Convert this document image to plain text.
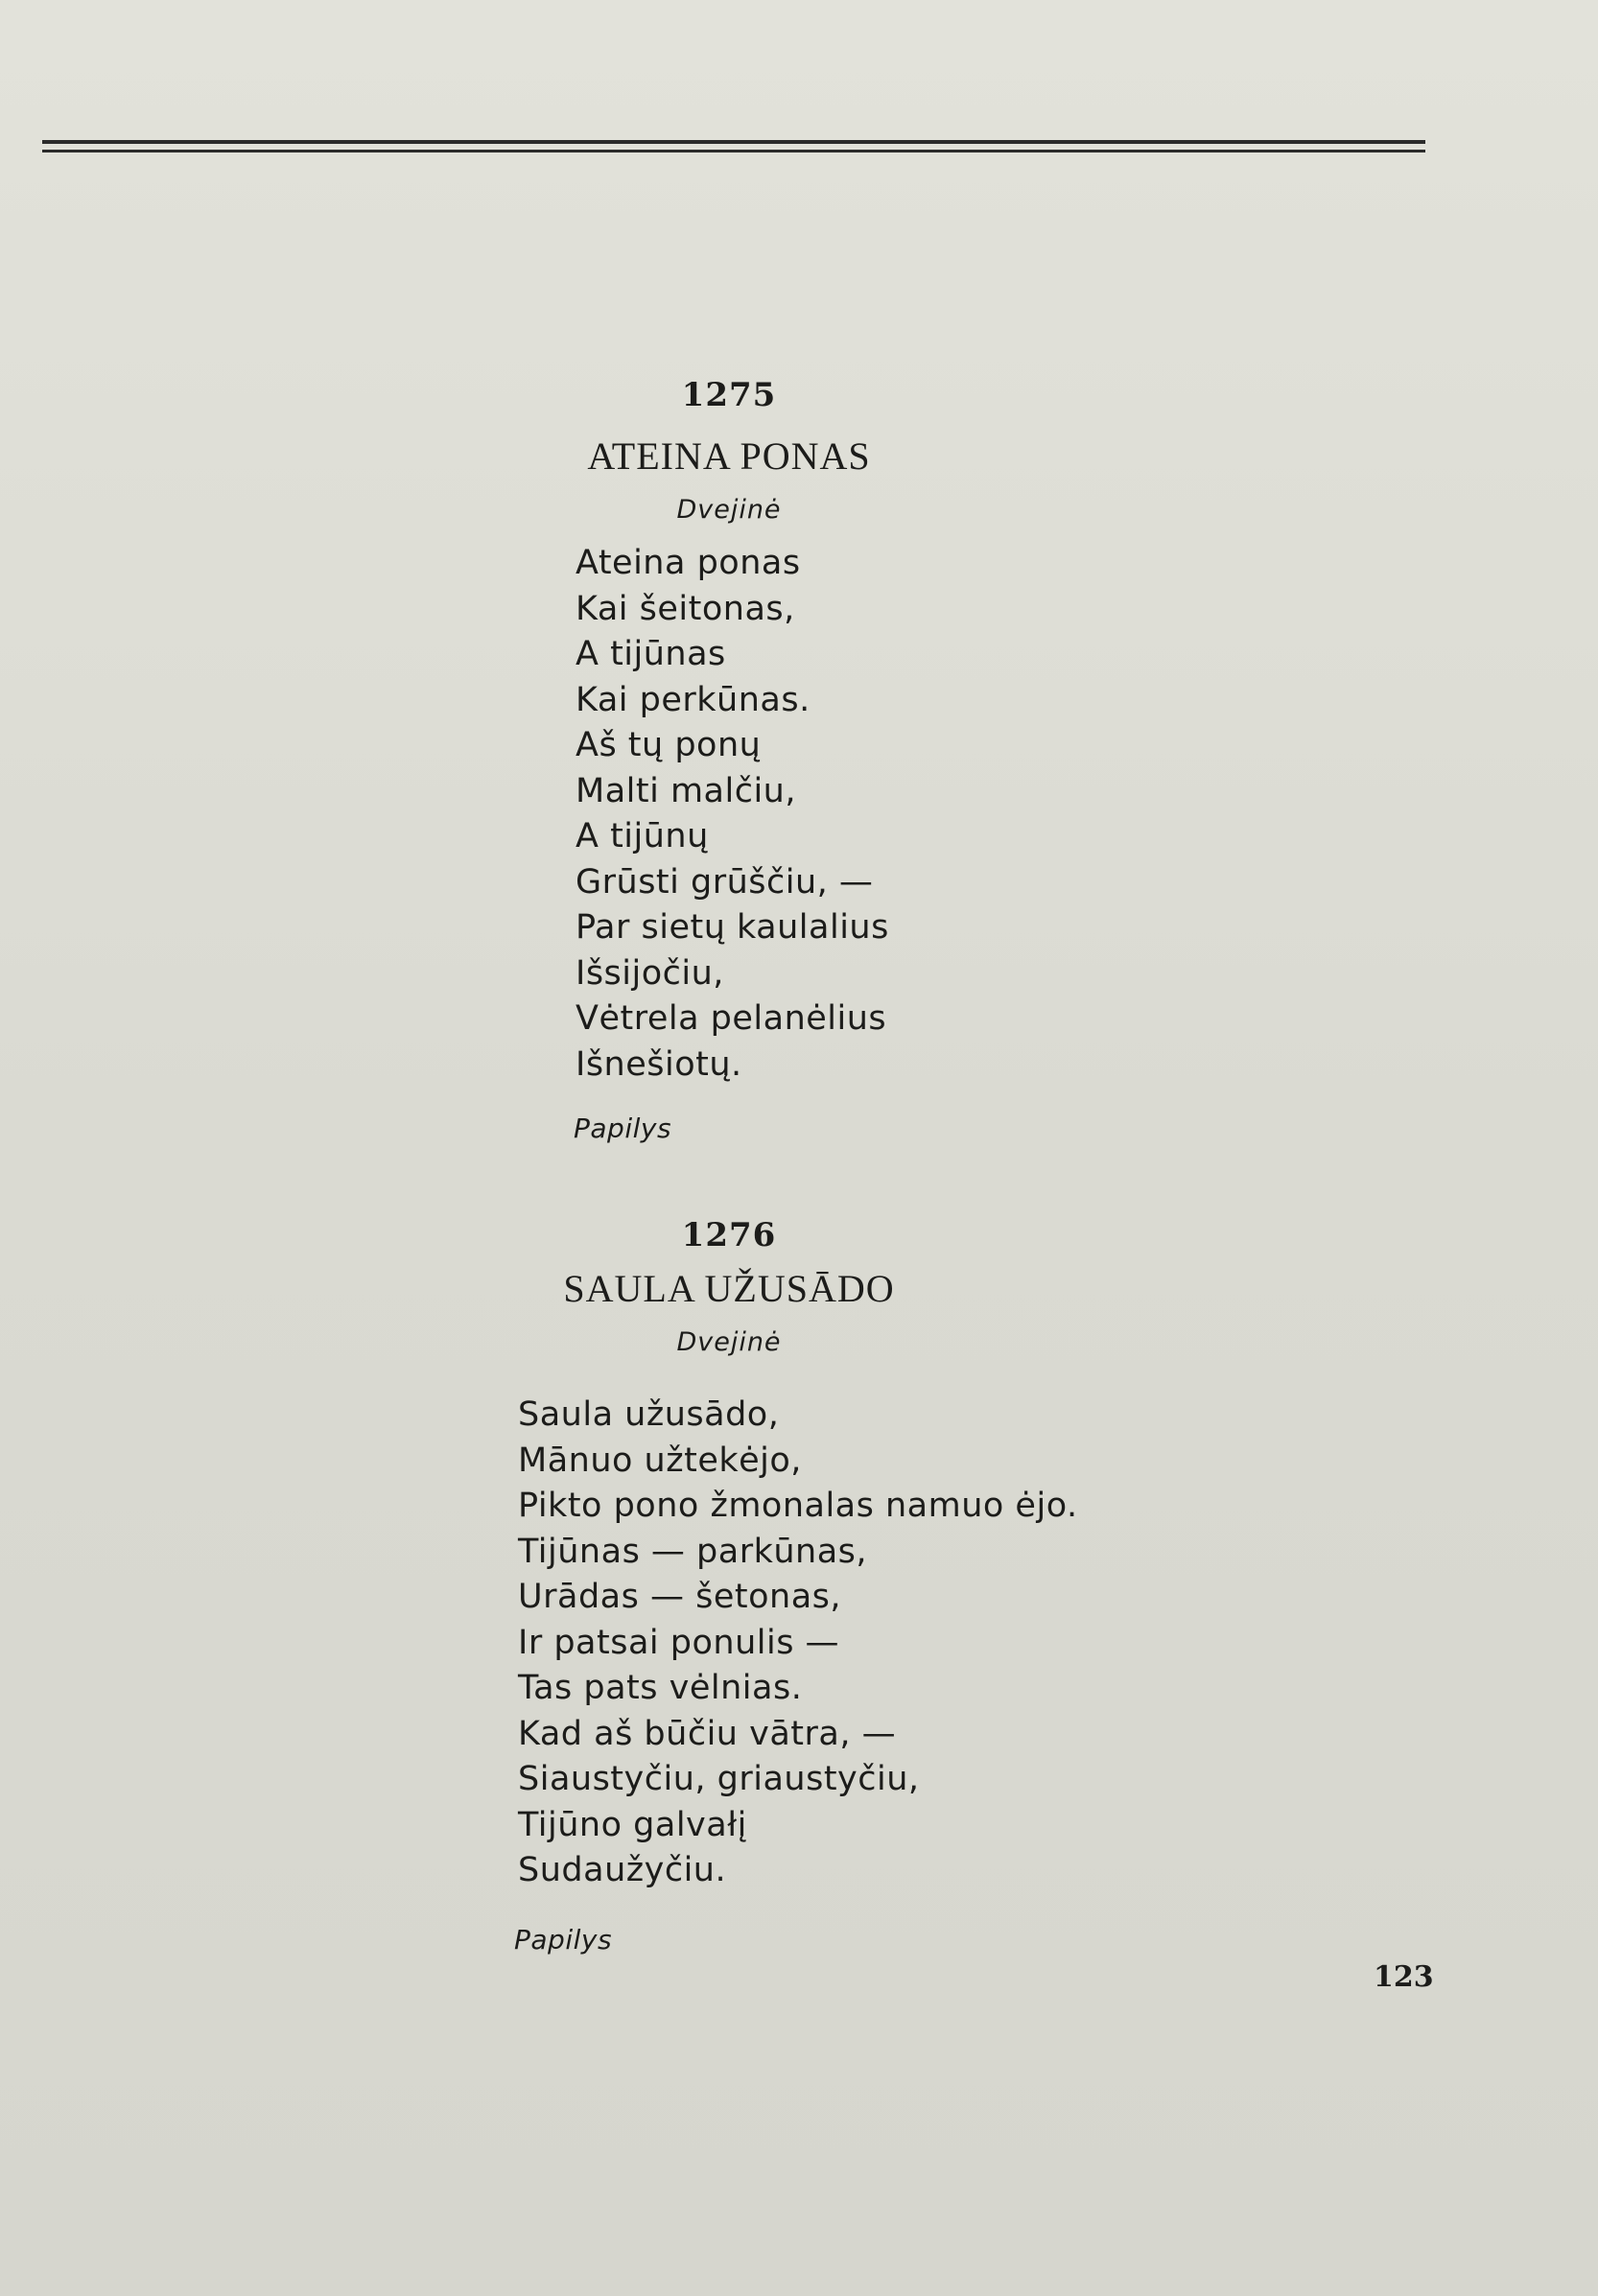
1275
ATEINA PONAS
Dvejinė
Ateina ponas
Kai šeitonas,
A tijūnas
Kai perkūnas.
Aš tų ponų
Malti malčiu,
A tijūnų
Grūsti grūščiu, —
Par sietų kaulalius
Išsijočiu,
Vėtrela pelanėlius
Išnešiotų.
Papilys
1276
SAULA UŽUSĀDO
Dvejinė
Saula užusādo,
Mānuo užtekėjo,
Pikto pono žmonalas namuo ėjo.
Tijūnas — parkūnas,
Urādas — šetonas,
Ir patsai ponulis —
Tas pats vėlnias.
Kad aš būčiu vātra, —
Siaustyčiu, griaustyčiu,
Tijūno galvałį
Sudaužyčiu.
Papilys
123
